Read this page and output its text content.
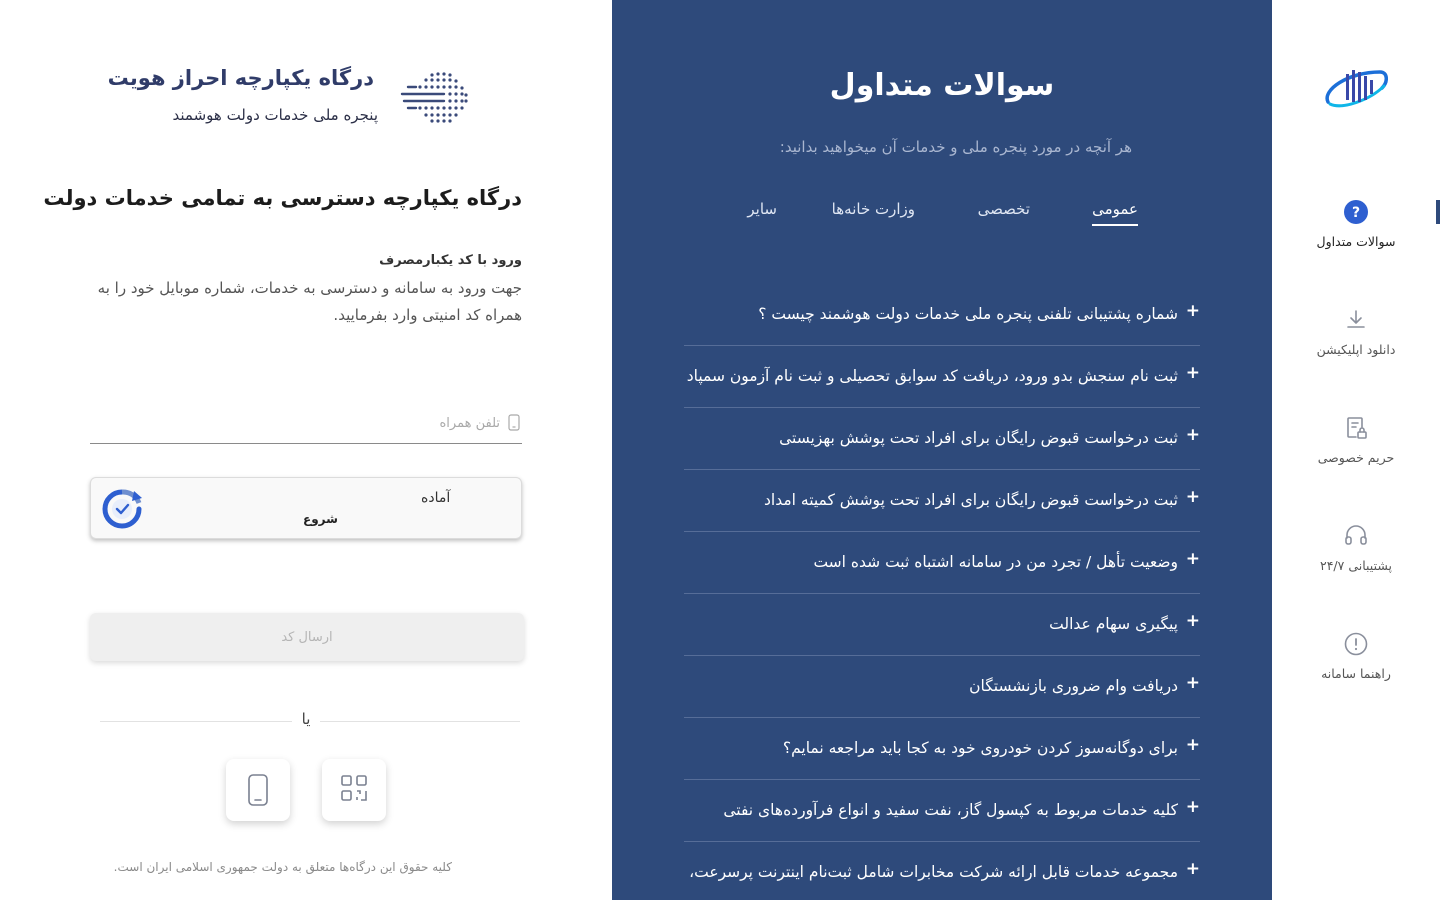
درگاه یکپارچه احراز هویت
پنجره ملی خدمات دولت هوشمند
درگاه یکپارچه دسترسی به تمامی خدمات دولت
ورود با کد یکبارمصرف

جهت ورود به سامانه و دسترسی به خدمات، شماره موبایل خود را به همراه کد امنیتی وارد بفرمایید.

تلفن همراه
آماده
شروع
ارسال کد
یا
کلیه حقوق این درگاه‌ها متعلق به دولت جمهوری اسلامی ایران است.
سوالات متداول

هر آنچه در مورد پنجره ملی و خدمات آن میخواهید بدانید:

عمومی
تخصصی
وزارت خانه‌ها
سایر
+
شماره پشتیبانی تلفنی پنجره ملی خدمات دولت هوشمند چیست ؟
+
ثبت نام سنجش بدو ورود، دریافت کد سوابق تحصیلی و ثبت نام آزمون سمپاد
+
ثبت درخواست قبوض رایگان برای افراد تحت پوشش بهزیستی
+
ثبت درخواست قبوض رایگان برای افراد تحت پوشش کمیته امداد
+
وضعیت تأهل / تجرد من در سامانه اشتباه ثبت شده است
+
پیگیری سهام عدالت
+
دریافت وام ضروری بازنشستگان
+
برای دوگانه‌سوز کردن خودروی خود به کجا باید مراجعه نمایم؟
+
کلیه خدمات مربوط به کپسول گاز، نفت سفید و انواع فرآورده‌های نفتی
+
مجموعه خدمات قابل ارائه شرکت مخابرات شامل ثبت‌نام اینترنت پرسرعت،
?
سوالات متداول
دانلود اپلیکیشن
حریم خصوصی
پشتیبانی ۲۴/۷
راهنما سامانه
